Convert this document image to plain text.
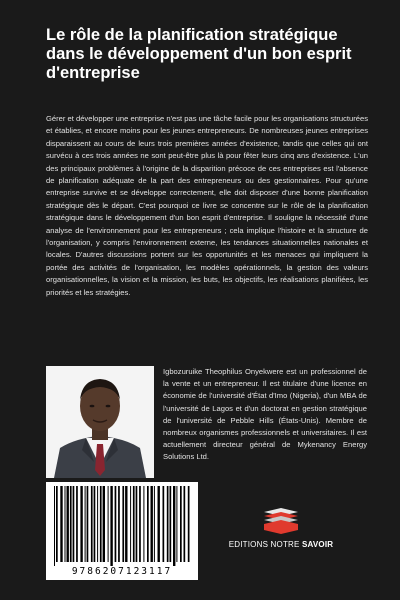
Le rôle de la planification stratégique dans le développement d'un bon esprit d'entreprise

Gérer et développer une entreprise n'est pas une tâche facile pour les organisations structurées et établies, et encore moins pour les jeunes entrepreneurs. De nombreuses jeunes entreprises disparaissent au cours de leurs trois premières années d'existence, tandis que celles qui ont survécu à ces trois années ne sont peut-être plus là pour fêter leurs cinq ans d'existence. L'un des principaux problèmes à l'origine de la disparition précoce de ces entreprises est l'absence de planification adéquate de la part des entrepreneurs ou des gestionnaires. Pour qu'une entreprise survive et se développe correctement, elle doit disposer d'une bonne planification stratégique dès le départ. C'est pourquoi ce livre se concentre sur le rôle de la planification stratégique dans le développement d'un bon esprit d'entreprise. Il souligne la nécessité d'une analyse de l'environnement pour les entrepreneurs ; cela implique l'histoire et la structure de l'organisation, y compris l'environnement externe, les tendances situationnelles nationales et locales. D'autres discussions portent sur les opportunités et les menaces qui impliquent la portée des activités de l'organisation, les modèles opérationnels, la gestion des valeurs organisationnelles, la vision et la mission, les buts, les objectifs, les réalisations planifiées, les priorités et les stratégies.

Igbozuruike Theophilus Onyekwere est un professionnel de la vente et un entrepreneur. Il est titulaire d'une licence en économie de l'université d'État d'Imo (Nigeria), d'un MBA de l'université de Lagos et d'un doctorat en gestion stratégique de l'université de Pebble Hills (États-Unis). Membre de nombreux organismes professionnels et universitaires. Il est actuellement directeur général de Mykenancy Energy Solutions Ltd.

9786207123117
EDITIONS NOTRE SAVOIR
